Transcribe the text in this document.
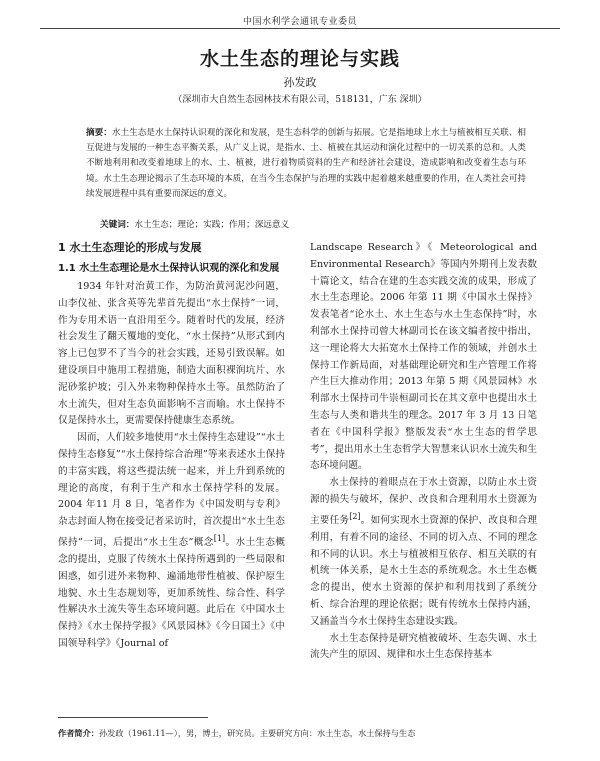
中国水利学会通讯专业委员
水土生态的理论与实践
孙发政
（深圳市大自然生态园林技术有限公司，518131，广东 深圳）
摘要：水土生态是水土保持认识观的深化和发展，是生态科学的创新与拓展。它是指地球上水土与植被相互关联、相互促进与发展的一种生态平衡关系，从广义上说，是指水、土、植被在其运动和演化过程中的一切关系的总和。人类不断地利用和改变着地球上的水、土、植被，进行着物质资料的生产和经济社会建设，造成影响和改变着生态与环境。水土生态理论揭示了生态环境的本质，在当今生态保护与治理的实践中起着越来越重要的作用，在人类社会可持续发展进程中具有重要而深远的意义。
关键词：水土生态；理论；实践；作用；深远意义
1 水土生态理论的形成与发展
1.1 水土生态理论是水土保持认识观的深化和发展

1934 年针对治黄工作，为防治黄河泥沙问题，山李仪祉、张含英等先辈首先提出“水土保持”一词，作为专用术语一直沿用至今。随着时代的发展，经济社会发生了翻天覆地的变化，“水土保持”从形式到内容上已包罗不了当今的社会实践，还易引致误解。如建设项目中施用工程措施，制造大面积裸润坑片、水泥砂浆护坡；引入外来物种保持水土等。虽然防治了水土流失，但对生态负面影响不言而喻。水土保持不仅是保持水土，更需要保持健康生态系统。

因而，人们较多地使用“水土保持生态建设”“水土保持生态修复”“水土保持综合治理”等来表述水土保持的丰富实践，将这些提法统一起来，并上升到系统的理论的高度，有利于生产和水土保持学科的发展。2004 年11 月 8 日，笔者作为《中国发明与专利》杂志封面人物在接受记者采访时，首次提出“水土生态保持”一词，后提出“水土生态”概念[1]。水土生态概念的提出，克服了传统水土保持所遇到的一些局限和困惑，如引进外来物种、遍涌地带性植被、保护原生地貌、水土生态规划等，更加系统性、综合性、科学性解决水土流失等生态环境问题。此后在《中国水土保持》《水土保持学报》《风景园林》《今日国土》《中国领导科学》《Journal of

Landscape Research》《 Meteorological and Environmental Research》等国内外期刊上发表数十篇论文，结合在建的生态实践交流的成果，形成了水土生态理论。2006 年第 11 期《中国水土保持》发表笔者“论水土、水土生态与水土生态保持”时，水利部水土保持司曾大林副司长在该文编者按中指出，这一理论将大大拓宽水土保持工作的领域，并创水土保持工作新局面，对基础理论研究和生产管理工作将产生巨大推动作用；2013 年第 5 期《风景园林》水利部水土保持司牛崇桓副司长在其文章中也提出水土生态与人类和谐共生的理念。2017 年 3 月 13 日笔者在《中国科学报》整版发表“水土生态的哲学思考”，提出用水土生态哲学大智慧来认识水土流失和生态环境问题。

水土保持的着眼点在于水土资源，以防止水土资源的损失与破坏，保护、改良和合理利用水土资源为主要任务[2]。如何实现水土资源的保护、改良和合理利用，有着不同的途径、不同的切入点、不同的理念和不同的认识。水土与植被相互依存、相互关联的有机统一体关系，是水土生态的系统观念。水土生态概念的提出，使水土资源的保护和利用找到了系统分析、综合治理的理论依据；既有传统水土保持内涵，又涵盖当今水土保持生态建设实践。

水土生态保持是研究植被破坏、生态失调、水土流失产生的原因、规律和水土生态保持基本

作者简介：孙发政（1961.11—），男，博士，研究员。主要研究方向：水土生态，水土保持与生态
